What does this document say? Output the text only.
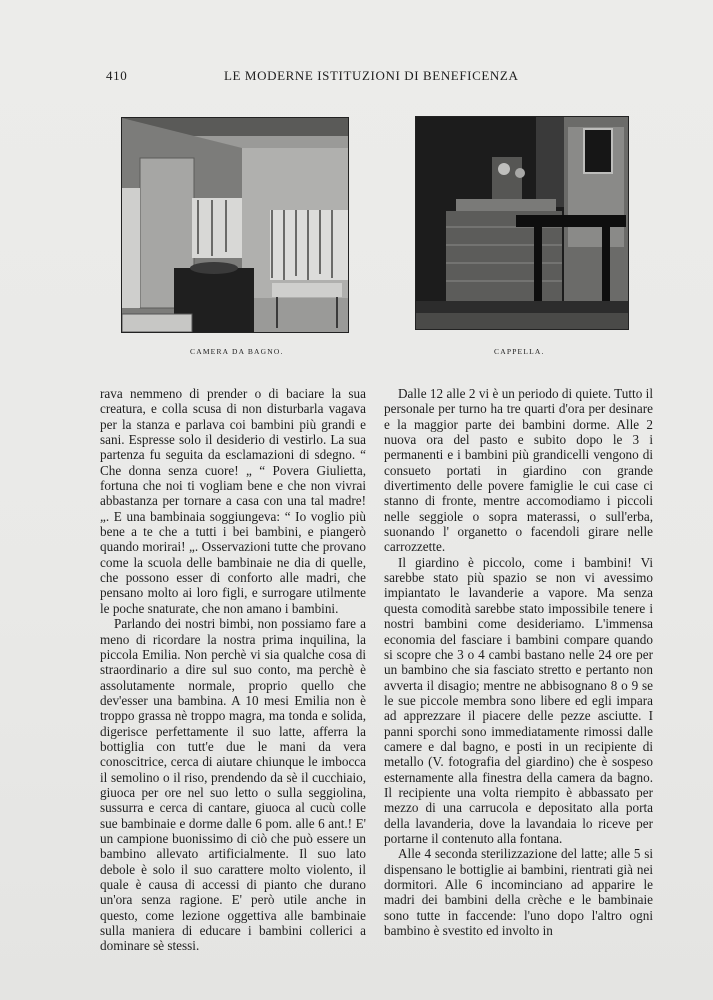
410	LE MODERNE ISTITUZIONI DI BENEFICENZA
CAMERA DA BAGNO.	CAPPELLA.

rava nemmeno di prender o di baciare la sua creatura, e colla scusa di non disturbarla vagava per la stanza e parlava coi bambini più grandi e sani. Espresse solo il desiderio di vestirlo. La sua partenza fu seguita da esclamazioni di sdegno. “ Che donna senza cuore! „ “ Povera Giulietta, fortuna che noi ti vogliam bene e che non vivrai abbastanza per tornare a casa con una tal madre! „. E una bambinaia soggiungeva: “ Io voglio più bene a te che a tutti i bei bambini, e piangerò quando morirai! „. Osservazioni tutte che provano come la scuola delle bambinaie ne dia di quelle, che possono esser di conforto alle madri, che pensano molto ai loro figli, e surrogare utilmente le poche snaturate, che non amano i bambini.

Parlando dei nostri bimbi, non possiamo fare a meno di ricordare la nostra prima inquilina, la piccola Emilia. Non perchè vi sia qualche cosa di straordinario a dire sul suo conto, ma perchè è assolutamente normale, proprio quello che dev'esser una bambina. A 10 mesi Emilia non è troppo grassa nè troppo magra, ma tonda e solida, digerisce perfettamente il suo latte, afferra la bottiglia con tutt'e due le mani da vera conoscitrice, cerca di aiutare chiunque le imbocca il semolino o il riso, prendendo da sè il cucchiaio, giuoca per ore nel suo letto o sulla seggiolina, sussurra e cerca di cantare, giuoca al cucù colle sue bambinaie e dorme dalle 6 pom. alle 6 ant.! E' un campione buonissimo di ciò che può essere un bambino allevato artificialmente. Il suo lato debole è solo il suo carattere molto violento, il quale è causa di accessi di pianto che durano un'ora senza ragione. E' però utile anche in questo, come lezione oggettiva alle bambinaie sulla maniera di educare i bambini collerici a dominare sè stessi.

Dalle 12 alle 2 vi è un periodo di quiete. Tutto il personale per turno ha tre quarti d'ora per desinare e la maggior parte dei bambini dorme. Alle 2 nuova ora del pasto e subito dopo le 3 i permanenti e i bambini più grandicelli vengono di consueto portati in giardino con grande divertimento delle povere famiglie le cui case ci stanno di fronte, mentre accomodiamo i piccoli nelle seggiole o sopra materassi, o sull'erba, suonando l' organetto o facendoli girare nelle carrozzette.

Il giardino è piccolo, come i bambini! Vi sarebbe stato più spazio se non vi avessimo impiantato le lavanderie a vapore. Ma senza questa comodità sarebbe stato impossibile tenere i nostri bambini come desideriamo. L'immensa economia del fasciare i bambini compare quando si scopre che 3 o 4 cambi bastano nelle 24 ore per un bambino che sia fasciato stretto e pertanto non avverta il disagio; mentre ne abbisognano 8 o 9 se le sue piccole membra sono libere ed egli impara ad apprezzare il piacere delle pezze asciutte. I panni sporchi sono immediatamente rimossi dalle camere e dal bagno, e posti in un recipiente di metallo (V. fotografia del giardino) che è sospeso esternamente alla finestra della camera da bagno. Il recipiente una volta riempito è abbassato per mezzo di una carrucola e depositato alla porta della lavanderia, dove la lavandaia lo riceve per portarne il contenuto alla fontana.

Alle 4 seconda sterilizzazione del latte; alle 5 si dispensano le bottiglie ai bambini, rientrati già nei dormitori. Alle 6 incominciano ad apparire le madri dei bambini della crèche e le bambinaie sono tutte in faccende: l'uno dopo l'altro ogni bambino è svestito ed involto in
